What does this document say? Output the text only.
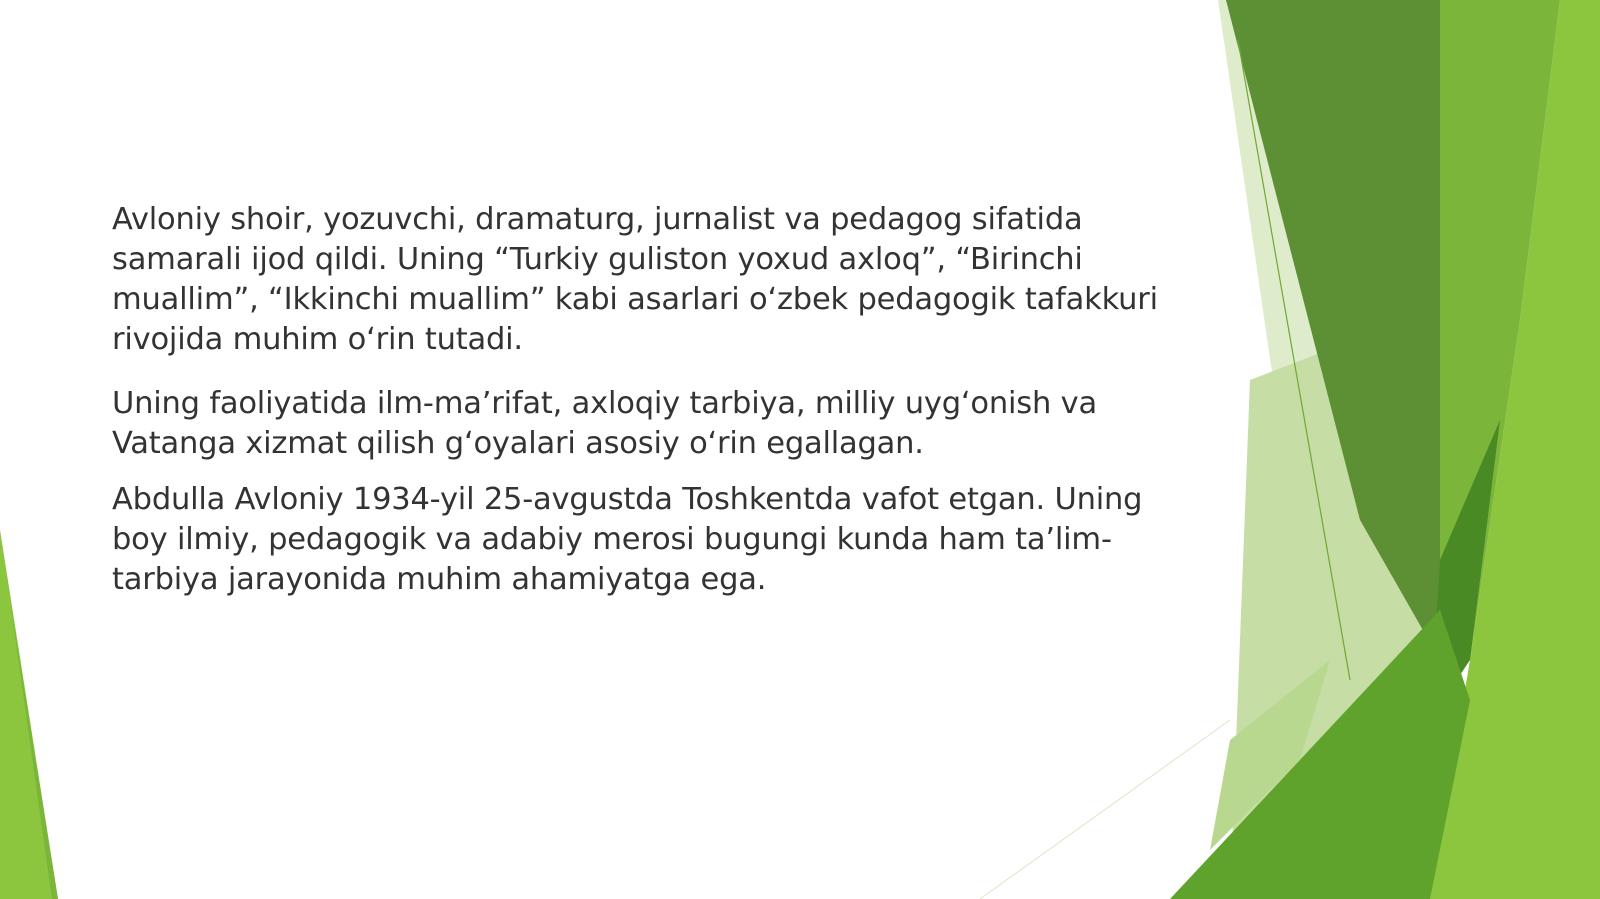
Avloniy shoir, yozuvchi, dramaturg, jurnalist va pedagog sifatida samarali ijod qildi. Uning “Turkiy guliston yoxud axloq”, “Birinchi muallim”, “Ikkinchi muallim” kabi asarlari o‘zbek pedagogik tafakkuri rivojida muhim o‘rin tutadi.

Uning faoliyatida ilm-ma’rifat, axloqiy tarbiya, milliy uyg‘onish va Vatanga xizmat qilish g‘oyalari asosiy o‘rin egallagan.

Abdulla Avloniy 1934-yil 25-avgustda Toshkentda vafot etgan. Uning boy ilmiy, pedagogik va adabiy merosi bugungi kunda ham ta’lim-tarbiya jarayonida muhim ahamiyatga ega.
